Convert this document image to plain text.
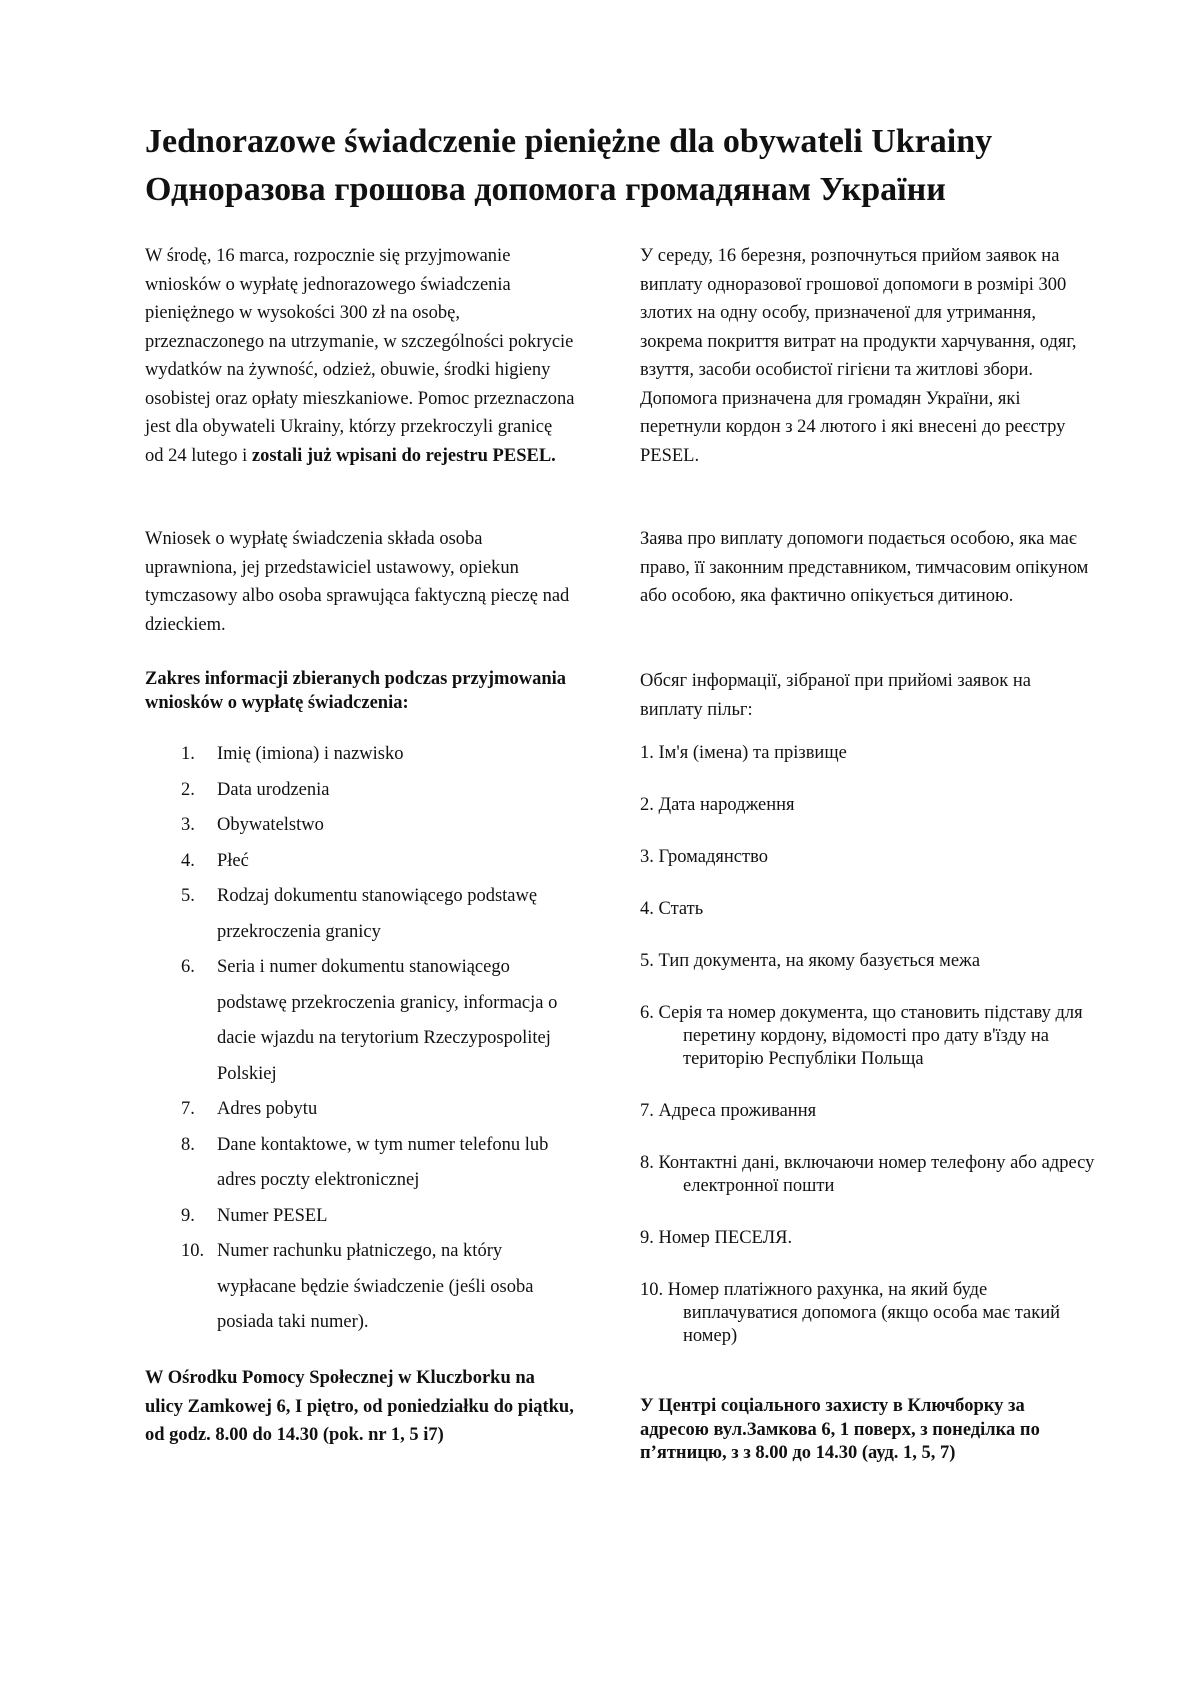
Jednorazowe świadczenie pieniężne dla obywateli Ukrainy
Одноразова грошова допомога громадянам України

W środę, 16 marca, rozpocznie się przyjmowanie wniosków o wypłatę jednorazowego świadczenia pieniężnego w wysokości 300 zł na osobę, przeznaczonego na utrzymanie, w szczególności pokrycie wydatków na żywność, odzież, obuwie, środki higieny osobistej oraz opłaty mieszkaniowe. Pomoc przeznaczona jest dla obywateli Ukrainy, którzy przekroczyli granicę od 24 lutego i zostali już wpisani do rejestru PESEL.

Wniosek o wypłatę świadczenia składa osoba uprawniona, jej przedstawiciel ustawowy, opiekun tymczasowy albo osoba sprawująca faktyczną pieczę nad dzieckiem.

Zakres informacji zbieranych podczas przyjmowania wniosków o wypłatę świadczenia:

1.	Imię (imiona) i nazwisko
2.	Data urodzenia
3.	Obywatelstwo
4.	Płeć
5.	Rodzaj dokumentu stanowiącego podstawę przekroczenia granicy
6.	Seria i numer dokumentu stanowiącego podstawę przekroczenia granicy, informacja o dacie wjazdu na terytorium Rzeczypospolitej Polskiej
7.	Adres pobytu
8.	Dane kontaktowe, w tym numer telefonu lub adres poczty elektronicznej
9.	Numer PESEL
10. Numer rachunku płatniczego, na który wypłacane będzie świadczenie (jeśli osoba posiada taki numer).

W Ośrodku Pomocy Społecznej w Kluczborku na ulicy Zamkowej 6, I piętro, od poniedziałku do piątku, od godz. 8.00 do 14.30 (pok. nr 1, 5 i7)

У середу, 16 березня, розпочнуться прийом заявок на виплату одноразової грошової допомоги в розмірі 300 злотих на одну особу, призначеної для утримання, зокрема покриття витрат на продукти харчування, одяг, взуття, засоби особистої гігієни та житлові збори. Допомога призначена для громадян України, які перетнули кордон з 24 лютого і які внесені до реєстру PESEL.

Заява про виплату допомоги подається особою, яка має право, її законним представником, тимчасовим опікуном або особою, яка фактично опікується дитиною.

Обсяг інформації, зібраної при прийомі заявок на виплату пільг:

1. Ім'я (імена) та прізвище
2. Дата народження
3. Громадянство
4. Стать
5. Тип документа, на якому базується межа
6. Серія та номер документа, що становить підставу для перетину кордону, відомості про дату в'їзду на територію Республіки Польща
7. Адреса проживання
8. Контактні дані, включаючи номер телефону або адресу електронної пошти
9. Номер ПЕСЕЛЯ.
10. Номер платіжного рахунка, на який буде виплачуватися допомога (якщо особа має такий номер)

У Центрі соціального захисту в Ключборку за адресою вул.Замкова 6, 1 поверх, з понеділка по п’ятницю, з з 8.00 до 14.30 (ауд. 1, 5, 7)
